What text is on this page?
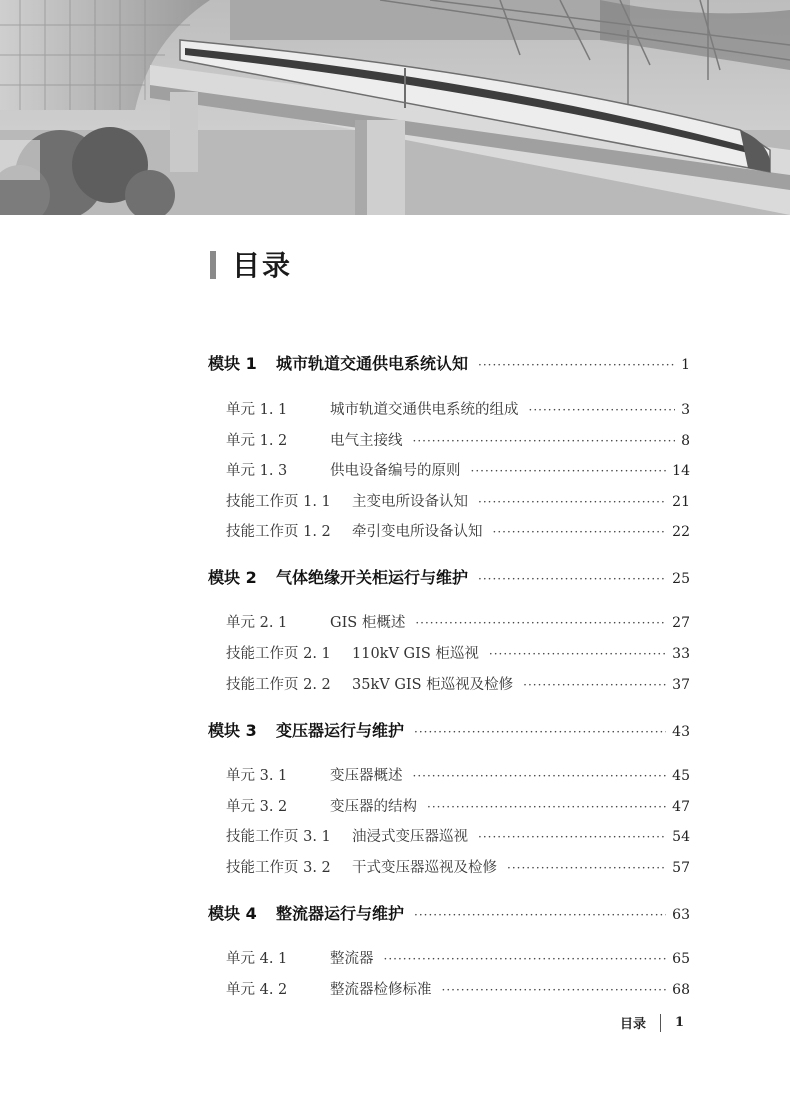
目录
模块 1 城市轨道交通供电系统认知 ·····	1
单元 1. 1	城市轨道交通供电系统的组成 ·····	3
单元 1. 2	电气主接线 ·····	8
单元 1. 3	供电设备编号的原则 ·····	14
技能工作页 1. 1 主变电所设备认知 ·····	21
技能工作页 1. 2 牵引变电所设备认知 ·····	22
模块 2 气体绝缘开关柜运行与维护 ·····	25
单元 2. 1	GIS 柜概述 ·····	27
技能工作页 2. 1 110kV GIS 柜巡视 ·····	33
技能工作页 2. 2 35kV GIS 柜巡视及检修 ·····	37
模块 3 变压器运行与维护 ·····	43
单元 3. 1	变压器概述 ·····	45
单元 3. 2	变压器的结构 ·····	47
技能工作页 3. 1 油浸式变压器巡视 ·····	54
技能工作页 3. 2 干式变压器巡视及检修 ·····	57
模块 4 整流器运行与维护 ·····	63
单元 4. 1	整流器 ·····	65
单元 4. 2	整流器检修标准 ·····	68
目录 1
